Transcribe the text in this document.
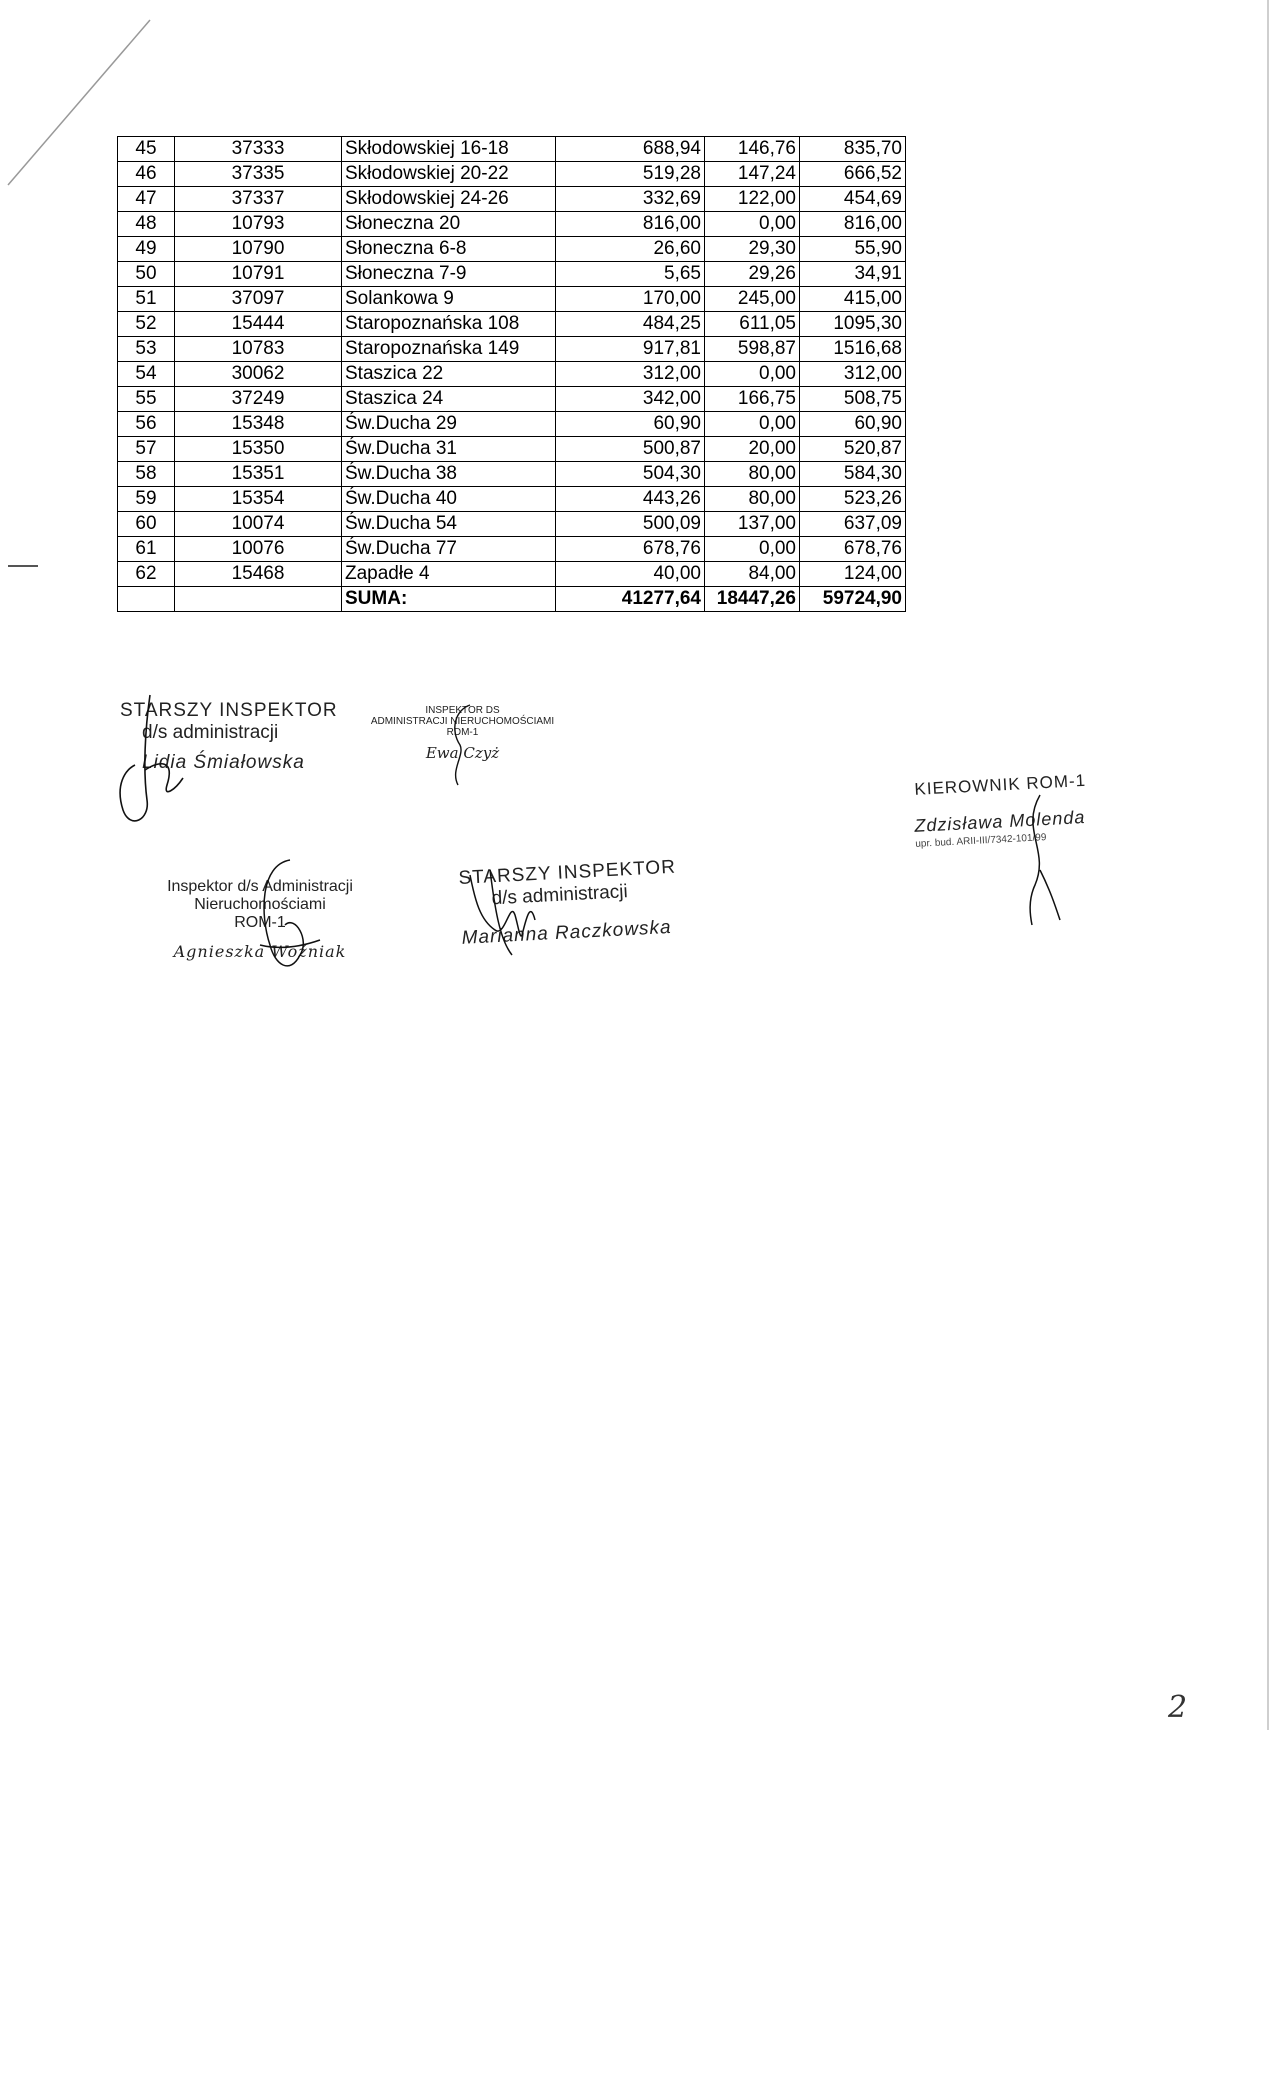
45	37333	Skłodowskiej 16-18	688,94	146,76	835,70
46	37335	Skłodowskiej 20-22	519,28	147,24	666,52
47	37337	Skłodowskiej 24-26	332,69	122,00	454,69
48	10793	Słoneczna 20	816,00	0,00	816,00
49	10790	Słoneczna 6-8	26,60	29,30	55,90
50	10791	Słoneczna 7-9	5,65	29,26	34,91
51	37097	Solankowa 9	170,00	245,00	415,00
52	15444	Staropoznańska 108	484,25	611,05	1095,30
53	10783	Staropoznańska 149	917,81	598,87	1516,68
54	30062	Staszica 22	312,00	0,00	312,00
55	37249	Staszica 24	342,00	166,75	508,75
56	15348	Św.Ducha 29	60,90	0,00	60,90
57	15350	Św.Ducha 31	500,87	20,00	520,87
58	15351	Św.Ducha 38	504,30	80,00	584,30
59	15354	Św.Ducha 40	443,26	80,00	523,26
60	10074	Św.Ducha 54	500,09	137,00	637,09
61	10076	Św.Ducha 77	678,76	0,00	678,76
62	15468	Zapadłe 4	40,00	84,00	124,00
		SUMA:	41277,64	18447,26	59724,90
STARSZY INSPEKTOR
d/s administracji
Lidia Śmiałowska
INSPEKTOR DS
ADMINISTRACJI NIERUCHOMOŚCIAMI
RDM-1
Ewa Czyż
KIEROWNIK ROM-1
Zdzisława Molenda
upr. bud. ARII-III/7342-101/99
Inspektor d/s Administracji
Nieruchomościami
ROM-1
Agnieszka Woźniak
STARSZY INSPEKTOR
d/s administracji
Marianna Raczkowska
2
